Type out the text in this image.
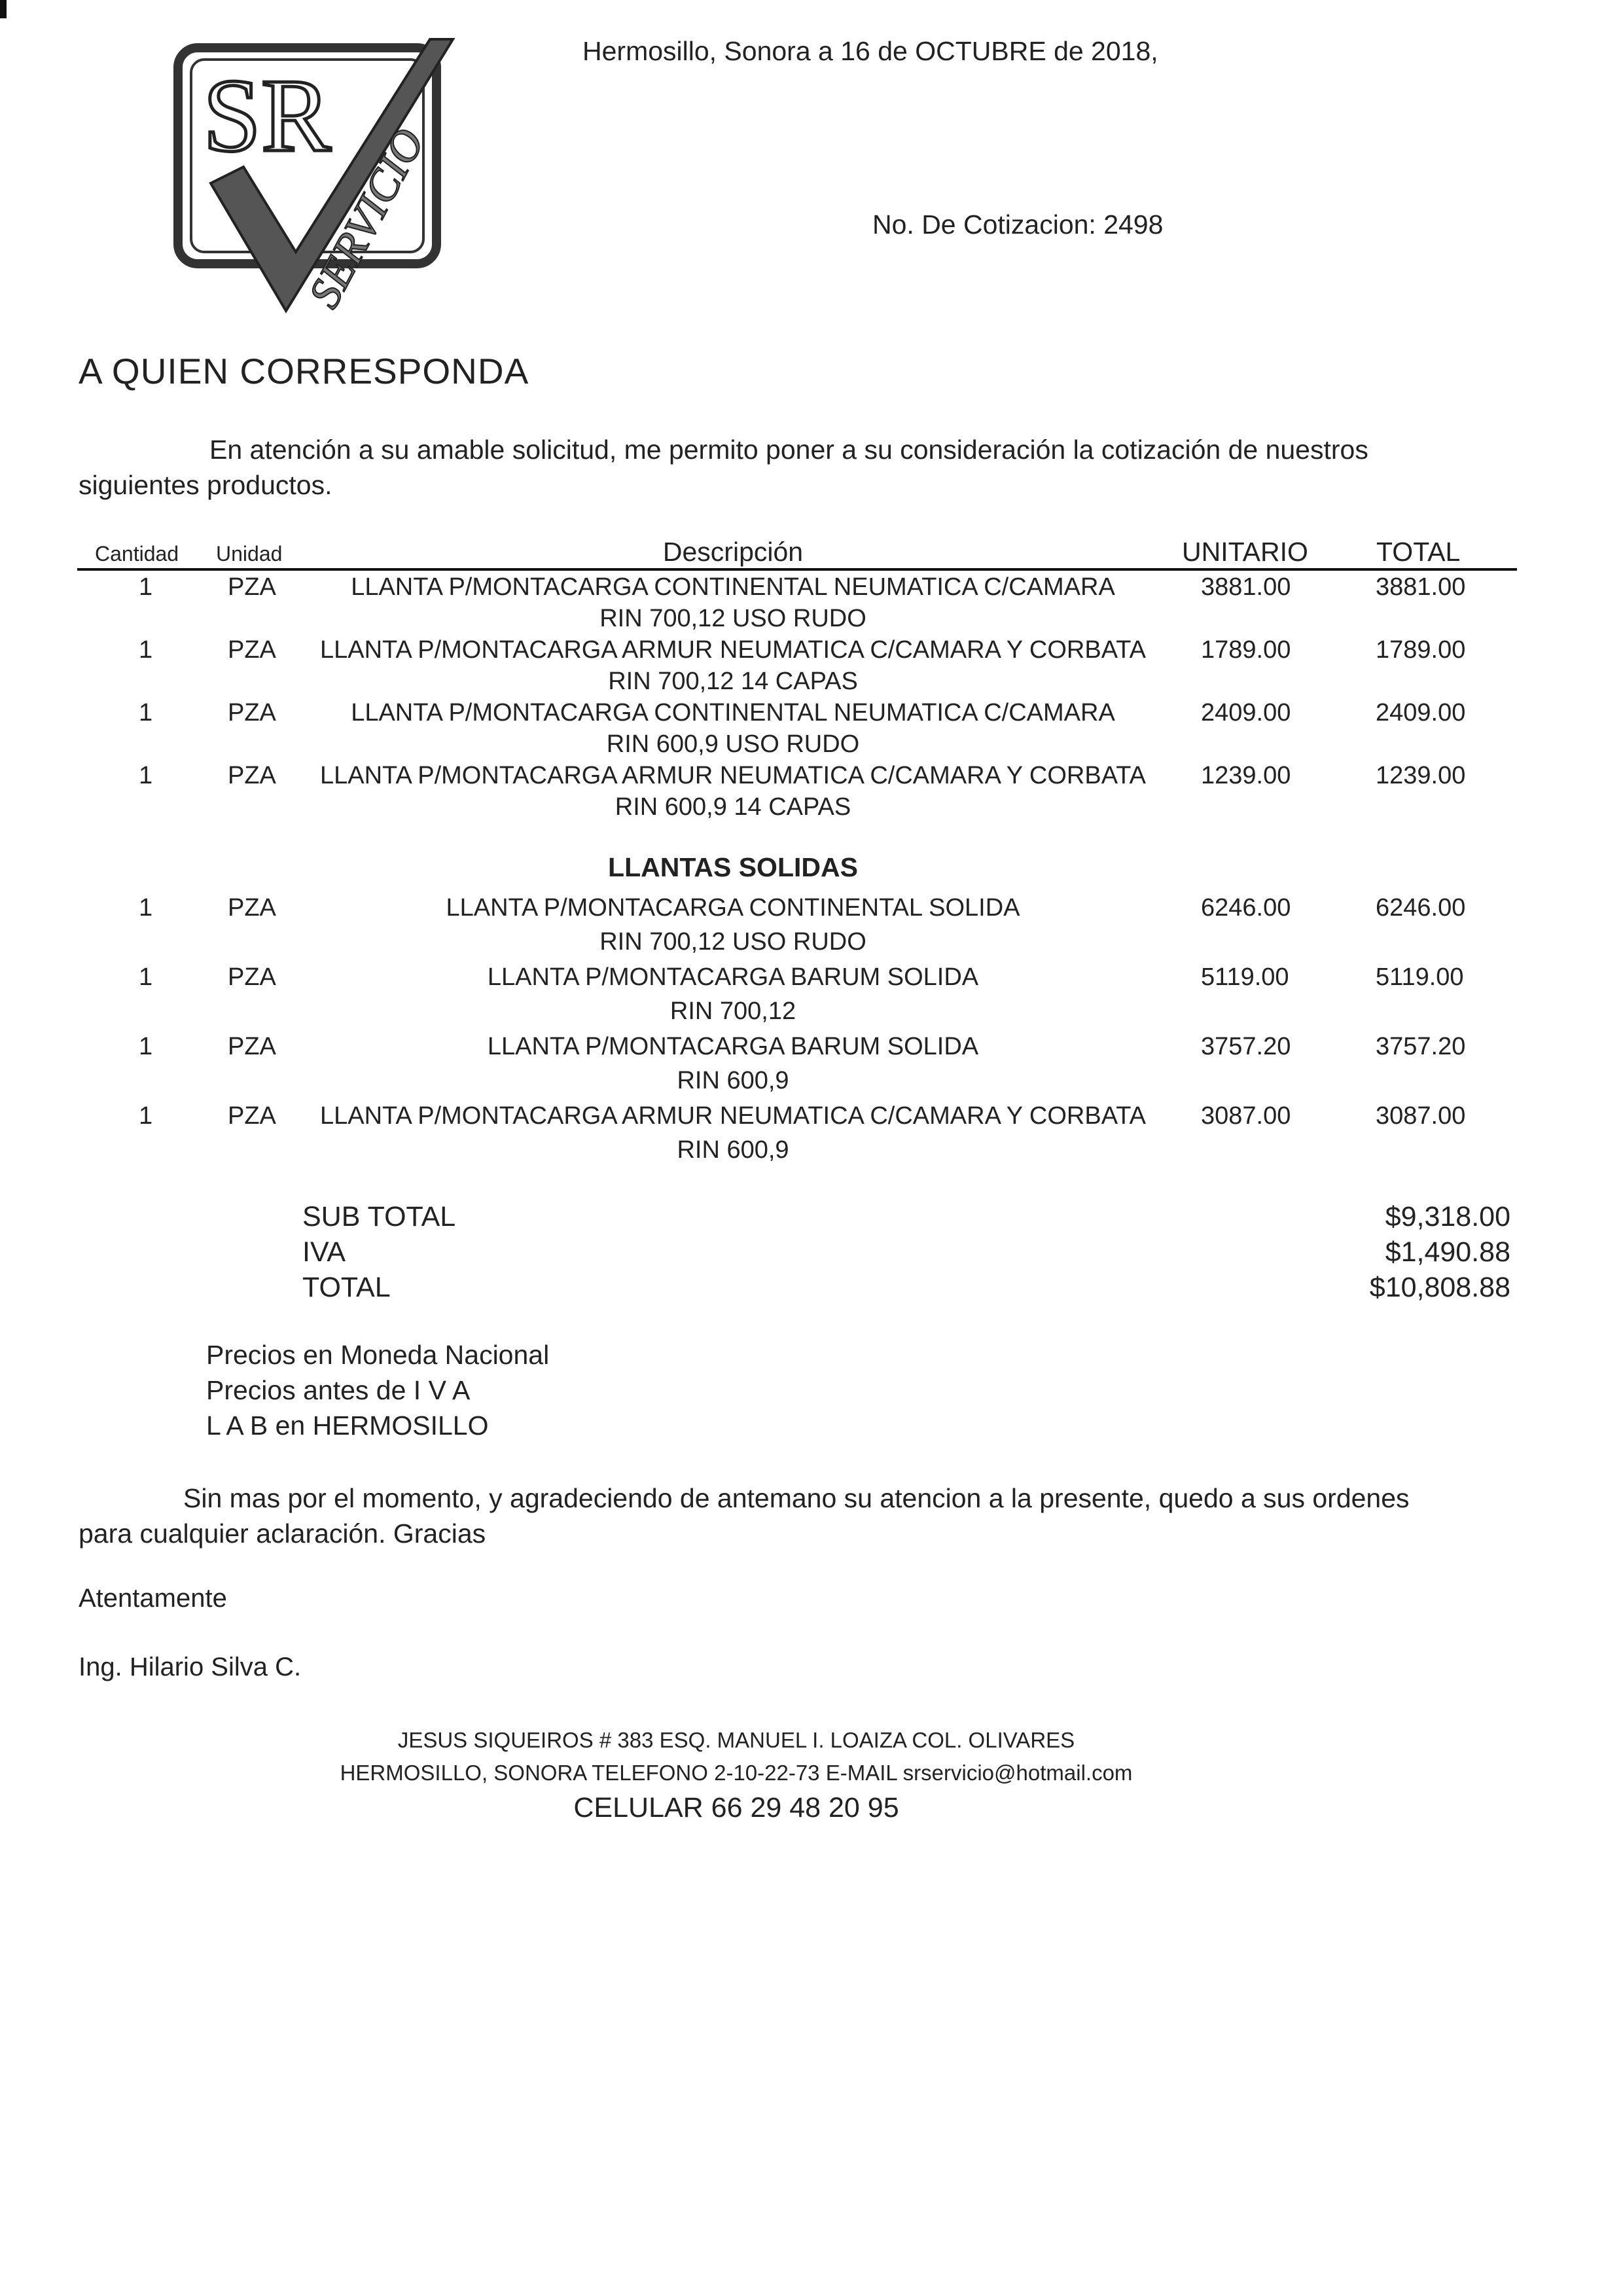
SR
SERVICIO
Hermosillo, Sonora a 16 de OCTUBRE de 2018,
No. De Cotizacion: 2498
A QUIEN CORRESPONDA
En atención a su amable solicitud, me permito poner a su consideración la cotización de nuestros
siguientes productos.
Cantidad Unidad	Descripción	UNITARIO	TOTAL
1	PZA	LLANTA P/MONTACARGA CONTINENTAL NEUMATICA C/CAMARA
RIN 700,12 USO RUDO
3881.00	3881.00
1	PZA LLANTA P/MONTACARGA ARMUR NEUMATICA C/CAMARA Y CORBATA
RIN 700,12 14 CAPAS
1789.00	1789.00
1	PZA	LLANTA P/MONTACARGA CONTINENTAL NEUMATICA C/CAMARA
RIN 600,9 USO RUDO
2409.00	2409.00
1	PZA LLANTA P/MONTACARGA ARMUR NEUMATICA C/CAMARA Y CORBATA
RIN 600,9 14 CAPAS
1239.00	1239.00
LLANTAS SOLIDAS
1	PZA	LLANTA P/MONTACARGA CONTINENTAL SOLIDA
RIN 700,12 USO RUDO
6246.00	6246.00
1	PZA	LLANTA P/MONTACARGA BARUM SOLIDA
RIN 700,12
5119.00	5119.00
1	PZA	LLANTA P/MONTACARGA BARUM SOLIDA
RIN 600,9
3757.20	3757.20
1	PZA LLANTA P/MONTACARGA ARMUR NEUMATICA C/CAMARA Y CORBATA
RIN 600,9
3087.00	3087.00
SUB TOTAL	$9,318.00
IVA	$1,490.88
TOTAL	$10,808.88
Precios en Moneda Nacional
Precios antes de I V A
L A B en HERMOSILLO
Sin mas por el momento, y agradeciendo de antemano su atencion a la presente, quedo a sus ordenes
para cualquier aclaración. Gracias
Atentamente
Ing. Hilario Silva C.
JESUS SIQUEIROS # 383 ESQ. MANUEL I. LOAIZA COL. OLIVARES
HERMOSILLO, SONORA TELEFONO 2-10-22-73 E-MAIL srservicio@hotmail.com
CELULAR 66 29 48 20 95
